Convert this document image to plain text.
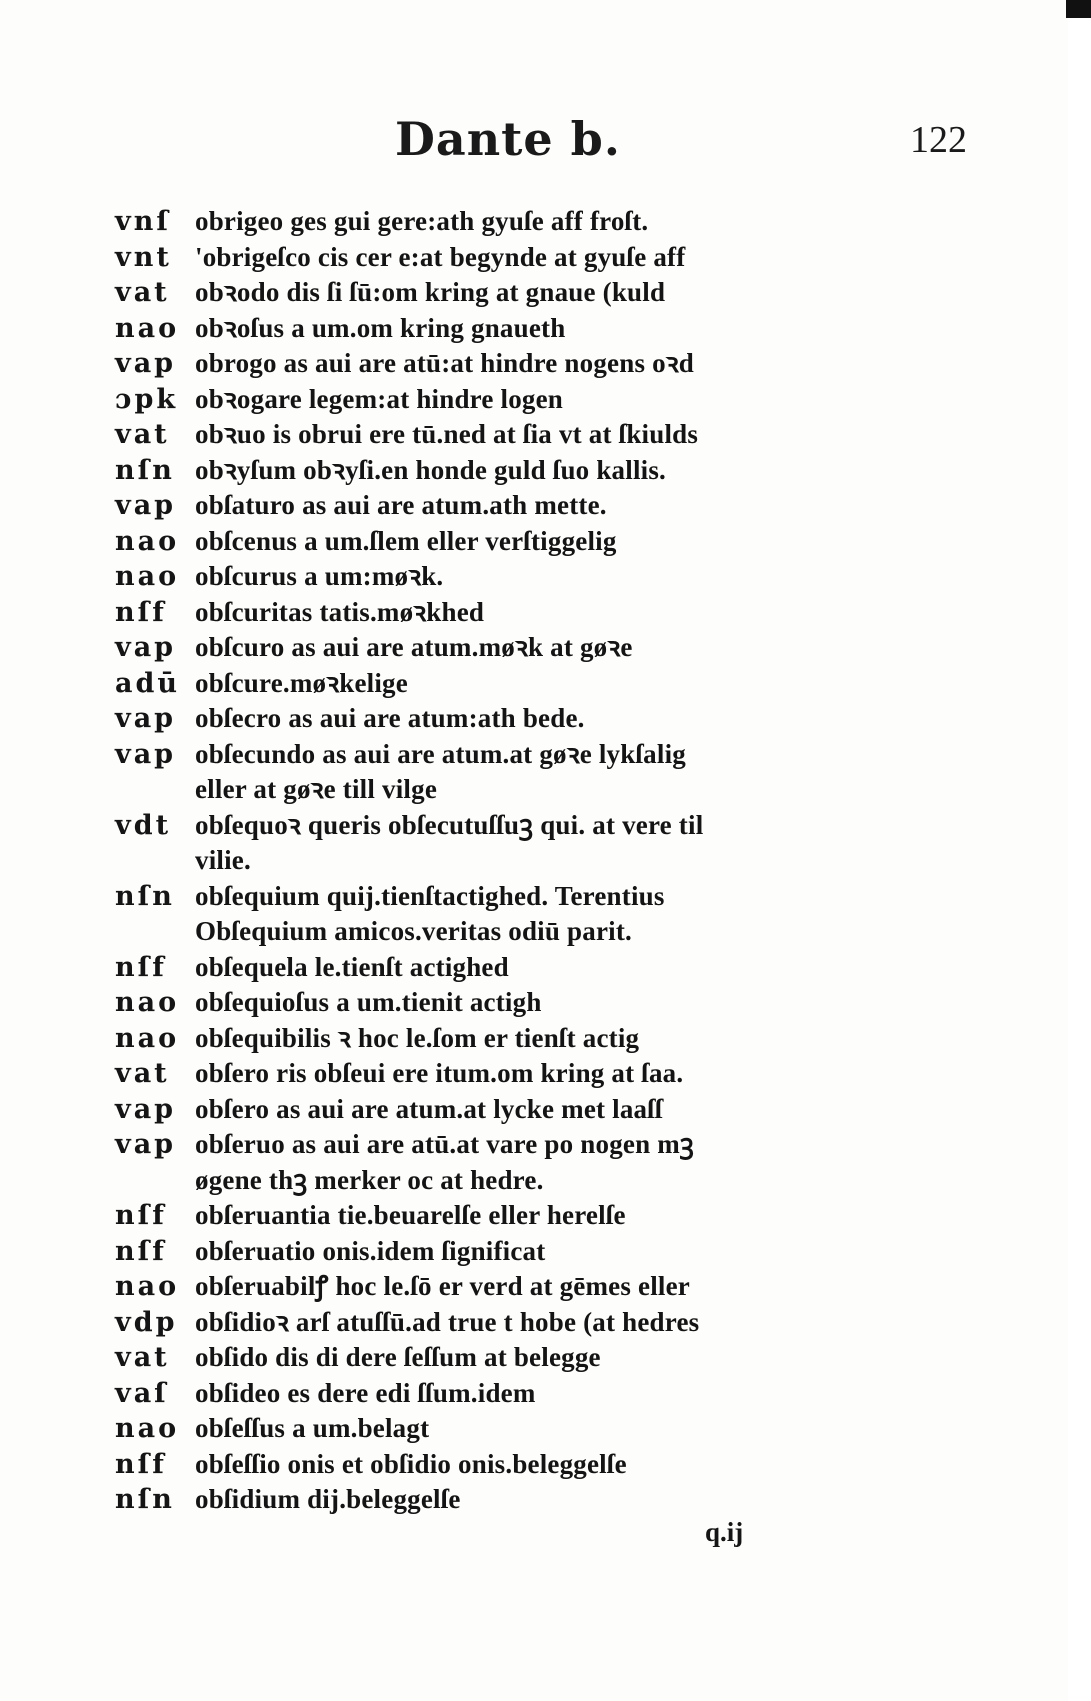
Dante b.	122
vnſ obrigeo ges gui gere:ath gyuſe aff froſt.
vnt 'obrigeſco cis cer e:at begynde at gyuſe aff
vat obꝛodo dis ſi ſū:om kring at gnaue (kuld
nao obꝛoſus a um.om kring gnaueth
vap obrogo as aui are atū:at hindre nogens oꝛd
ɔpk obꝛogare legem:at hindre logen
vat obꝛuo is obrui ere tū.ned at ſia vt at ſkiulds
nſn obꝛyſum obꝛyſi.en honde guld ſuo kallis.
vap obſaturo as aui are atum.ath mette.
nao obſcenus a um.ſlem eller verſtiggelig
nao obſcurus a um:møꝛk.
nſf	obſcuritas tatis.møꝛkhed
vap obſcuro as aui are atum.møꝛk at gøꝛe
adū obſcure.møꝛkelige
vap obſecro as aui are atum:ath bede.
vap obſecundo as aui are atum.at gøꝛe lykſalig
eller at gøꝛe till vilge
vdt obſequoꝛ queris obſecutuſſuꝫ qui. at vere til
vilie.
nſn obſequium quij.tienſtactighed. Terentius
Obſequium amicos.veritas odiū parit.
nſf	obſequela le.tienſt actighed
nao obſequioſus a um.tienit actigh
nao obſequibilis ꝛ hoc le.ſom er tienſt actig
vat obſero ris obſeui ere itum.om kring at ſaa.
vap obſero as aui are atum.at lycke met laaſſ
vap obſeruo as aui are atū.at vare po nogen mꝫ
øgene thꝫ merker oc at hedre.
nſf	obſeruantia tie.beuarelſe eller herelſe
nſf	obſeruatio onis.idem ſignificat
nao obſeruabilꝭ hoc le.ſō er verd at gēmes eller
vdp obſidioꝛ arſ atuſſū.ad true t hobe (at hedres
vat obſido dis di dere ſeſſum at belegge
vaſ obſideo es dere edi ſſum.idem
nao obſeſſus a um.belagt
nſf	obſeſſio onis et obſidio onis.beleggelſe
nſn obſidium dij.beleggelſe
q.ij
